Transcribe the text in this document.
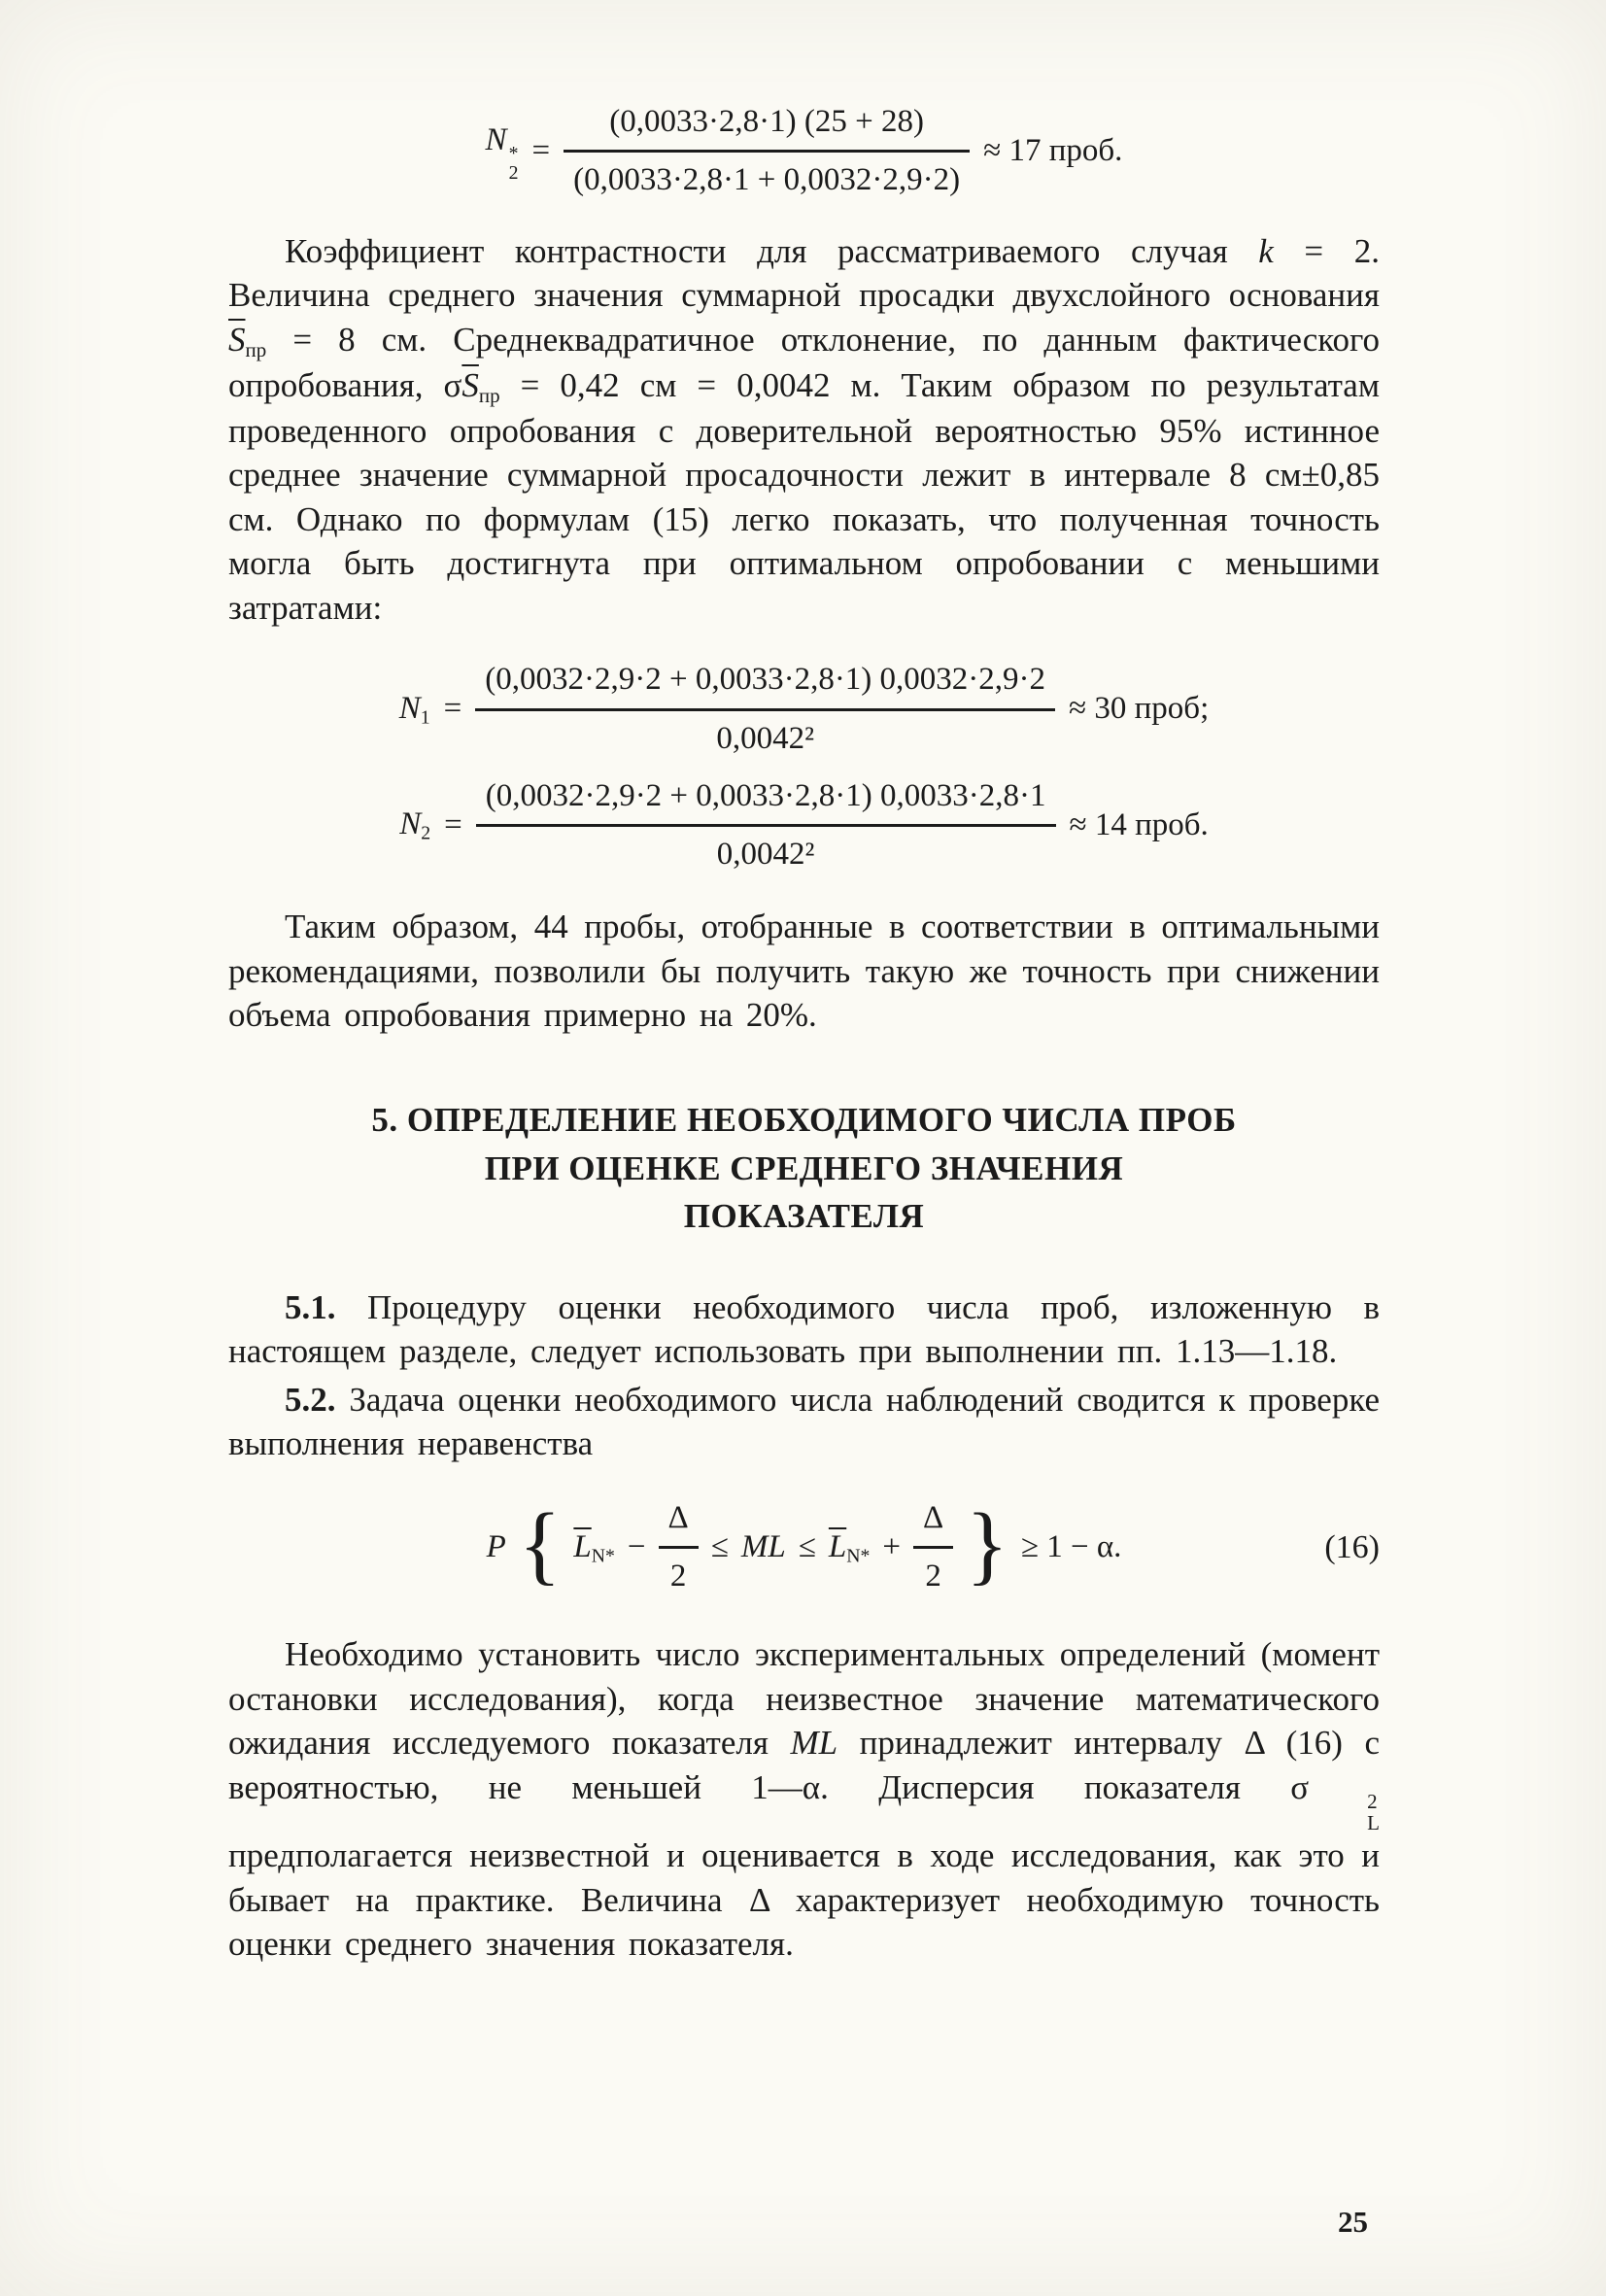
N *
2
= $\frac{(0,0033\cdot 2,8\cdot 1) (25 + 28)}{(0,0033\cdot 2,8\cdot 1 + 0,0032\cdot 2,9\cdot 2)} \approx 17$ проб.

Коэффициент контрастности для рассматриваемого случая k = 2. Величина среднего значения суммарной просадки двухслойного основания $\overline{S}_{пр} = 8$ см. Среднеквадратичное отклонение, по данным фактического опробования, $\sigma\overline{S}_{пр} = 0,42$ см = 0,0042 м. Таким образом по результатам проведенного опробования с доверительной вероятностью 95% истинное среднее значение суммарной просадочности лежит в интервале 8 см±0,85 см. Однако по формулам (15) легко показать, что полученная точность могла быть достигнута при оптимальном опробовании с меньшими затратами:

$N_1 = \frac{(0,0032\cdot 2,9\cdot 2 + 0,0033\cdot 2,8\cdot 1) 0,0032\cdot 2,9\cdot 2}{\text{0,0042²}} \approx 30$ проб;
$N_2 = \frac{(0,0032\cdot 2,9\cdot 2 + 0,0033\cdot 2,8\cdot 1) 0,0033\cdot 2,8\cdot 1}{\text{0,0042²}} \approx 14$ проб.

Таким образом, 44 пробы, отобранные в соответствии в оптимальными рекомендациями, позволили бы получить такую же точность при снижении объема опробования примерно на 20%.

5. ОПРЕДЕЛЕНИЕ НЕОБХОДИМОГО ЧИСЛА ПРОБ
ПРИ ОЦЕНКЕ СРЕДНЕГО ЗНАЧЕНИЯ
ПОКАЗАТЕЛЯ

5.1. Процедуру оценки необходимого числа проб, изложенную в настоящем разделе, следует использовать при выполнении пп. 1.13—1.18.

5.2. Задача оценки необходимого числа наблюдений сводится к проверке выполнения неравенства

P { $\overline{L}_{N*} - \frac{\Delta}{2}$ ≤ ML ≤ $\overline{L}_{N*} + \frac{\Delta}{2}$ } ≥ 1 − α.	(16)

Необходимо установить число экспериментальных определений (момент остановки исследования), когда неизвестное значение математического ожидания исследуемого показателя ML принадлежит интервалу Δ (16) с вероятностью, не меньшей 1—α. Дисперсия показателя σ	2
L
предполагается неизвестной и оценивается в ходе исследования, как это и бывает на практике. Величина Δ характеризует необходимую точность оценки среднего значения показателя.

25
